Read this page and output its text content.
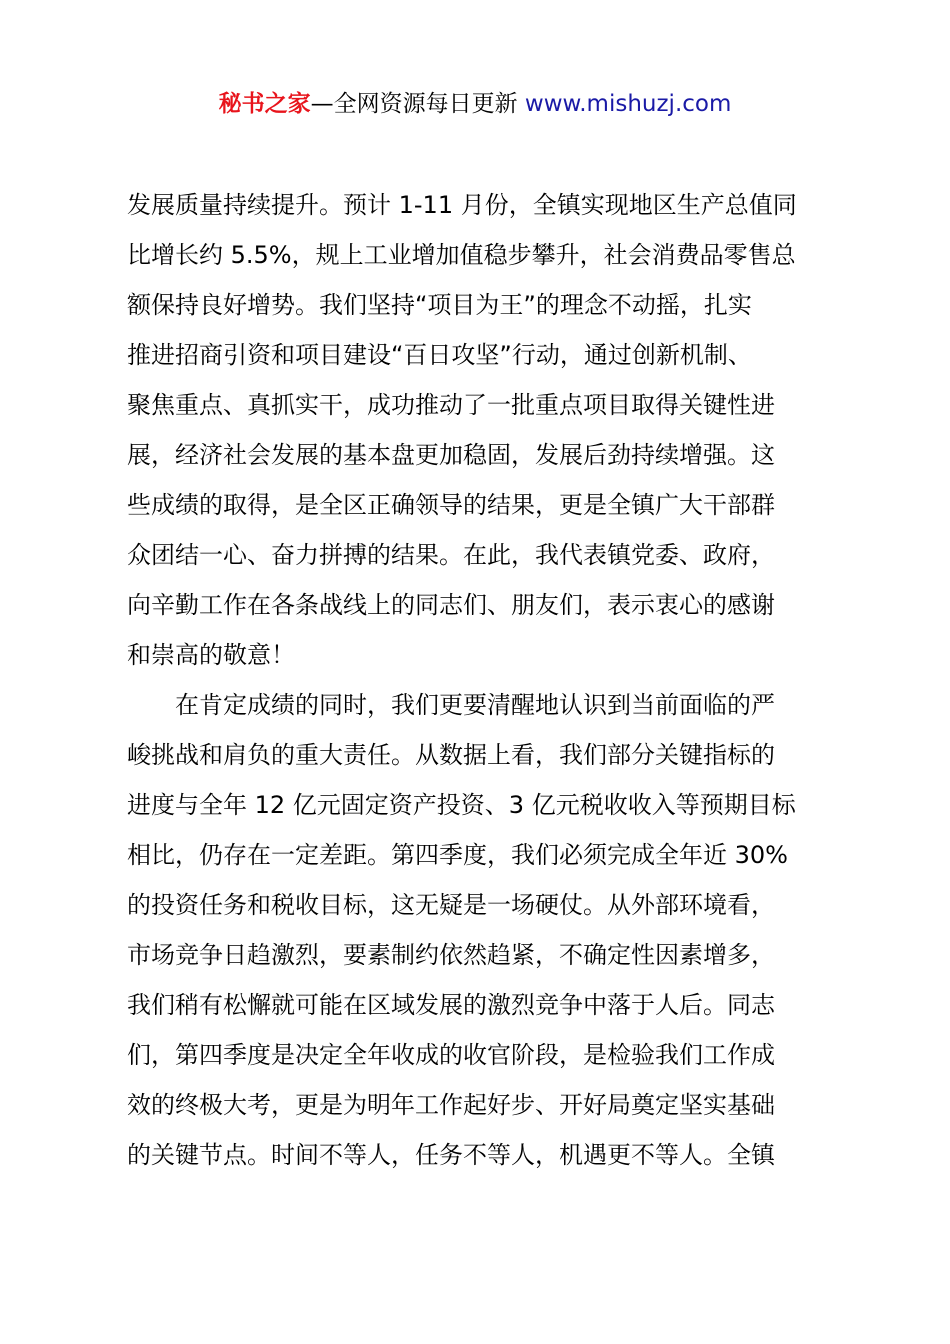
秘书之家—全网资源每日更新 www.mishuzj.com
发展质量持续提升。预计 1-11 月份，全镇实现地区生产总值同
比增长约 5.5%，规上工业增加值稳步攀升，社会消费品零售总
额保持良好增势。我们坚持“项目为王”的理念不动摇，扎实
推进招商引资和项目建设“百日攻坚”行动，通过创新机制、
聚焦重点、真抓实干，成功推动了一批重点项目取得关键性进
展，经济社会发展的基本盘更加稳固，发展后劲持续增强。这
些成绩的取得，是全区正确领导的结果，更是全镇广大干部群
众团结一心、奋力拼搏的结果。在此，我代表镇党委、政府，
向辛勤工作在各条战线上的同志们、朋友们，表示衷心的感谢
和崇高的敬意！
　　在肯定成绩的同时，我们更要清醒地认识到当前面临的严
峻挑战和肩负的重大责任。从数据上看，我们部分关键指标的
进度与全年 12 亿元固定资产投资、3 亿元税收收入等预期目标
相比，仍存在一定差距。第四季度，我们必须完成全年近 30%
的投资任务和税收目标，这无疑是一场硬仗。从外部环境看，
市场竞争日趋激烈，要素制约依然趋紧，不确定性因素增多，
我们稍有松懈就可能在区域发展的激烈竞争中落于人后。同志
们，第四季度是决定全年收成的收官阶段，是检验我们工作成
效的终极大考，更是为明年工作起好步、开好局奠定坚实基础
的关键节点。时间不等人，任务不等人，机遇更不等人。全镇
